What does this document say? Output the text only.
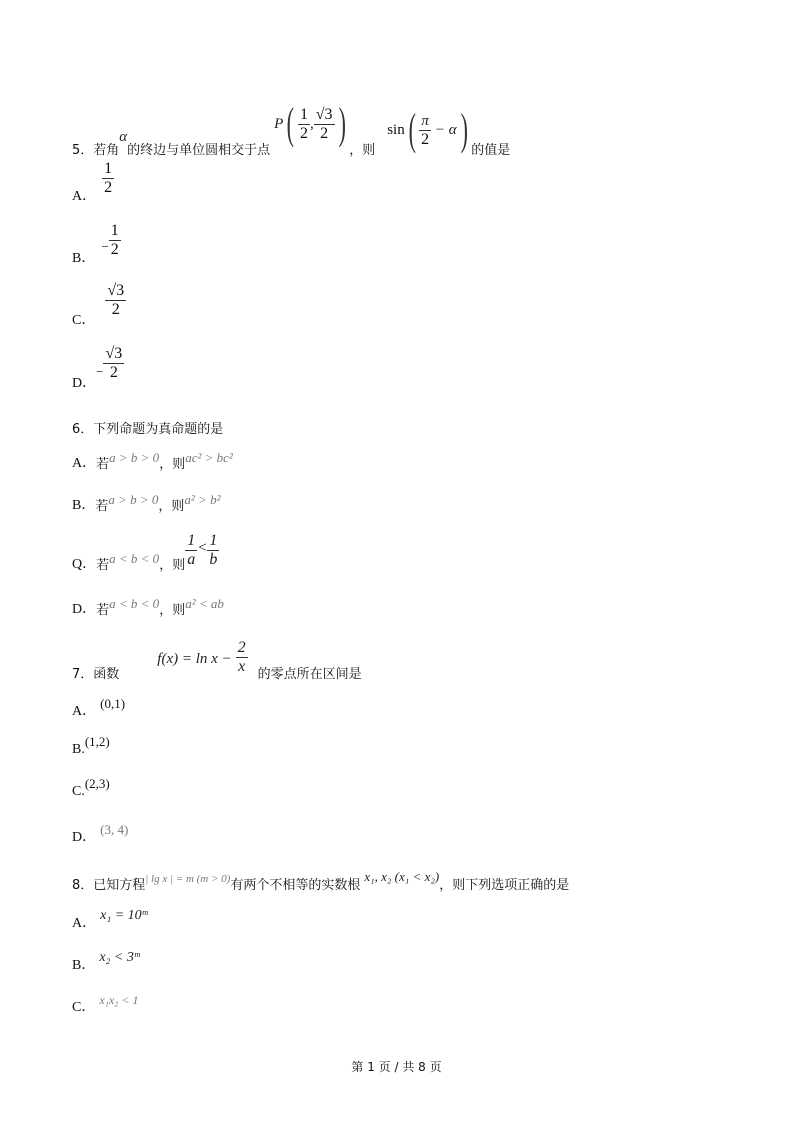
5．若角
α
的终边与单位圆相交于点
P ( 1
2
,
√3
2 )
，则
sin ( π
2
− α ) 的值是
A．
1
2
B．
− $\frac{1}{2}$
C．
√3
2
D．
− $\frac{√3}{2}$
6．下列命题为真命题的是
A． 若 a > b > 0 ，则 ac² > bc²
B． 若 a > b > 0 ，则 a² > b²
Q． 若 a < b < 0 ，则
1
a
< 1
b
D． 若 a < b < 0 ，则 a² < ab
7．函数
$f(x) = \ln x - \frac{2}{x}$ 的零点所在区间是
A．
(0,1)
B.
(1,2)
C.
(2,3)
D．
(3, 4)
8．已知方程 | lg x | = m (m > 0) 有两个不相等的实数根
x₁, x₂ (x₁ < x₂)
，则下列选项正确的是
A．
x₁ = 10ᵐ
B．
x₂ < 3ᵐ
C． x₁x₂ < 1
第 1 页 / 共 8 页
